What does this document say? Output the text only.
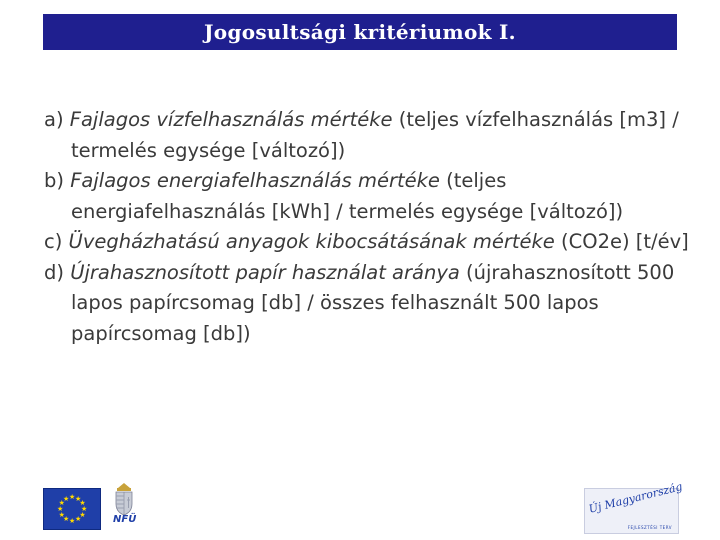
Jogosultsági kritériumok I.

a) Fajlagos vízfelhasználás mértéke (teljes vízfelhasználás [m3] / termelés egysége [változó])

b) Fajlagos energiafelhasználás mértéke (teljes energiafelhasználás [kWh] / termelés egysége [változó])

c) Üvegházhatású anyagok kibocsátásának mértéke (CO2e) [t/év]

d) Újrahasznosított papír használat aránya (újrahasznosított 500 lapos papírcsomag [db] / összes felhasznált 500 lapos papírcsomag [db])

★ ★
★
★
★
★
★
★
★
★
★
★
NFÜ
Új Magyarország
FEJLESZTÉSI TERV
